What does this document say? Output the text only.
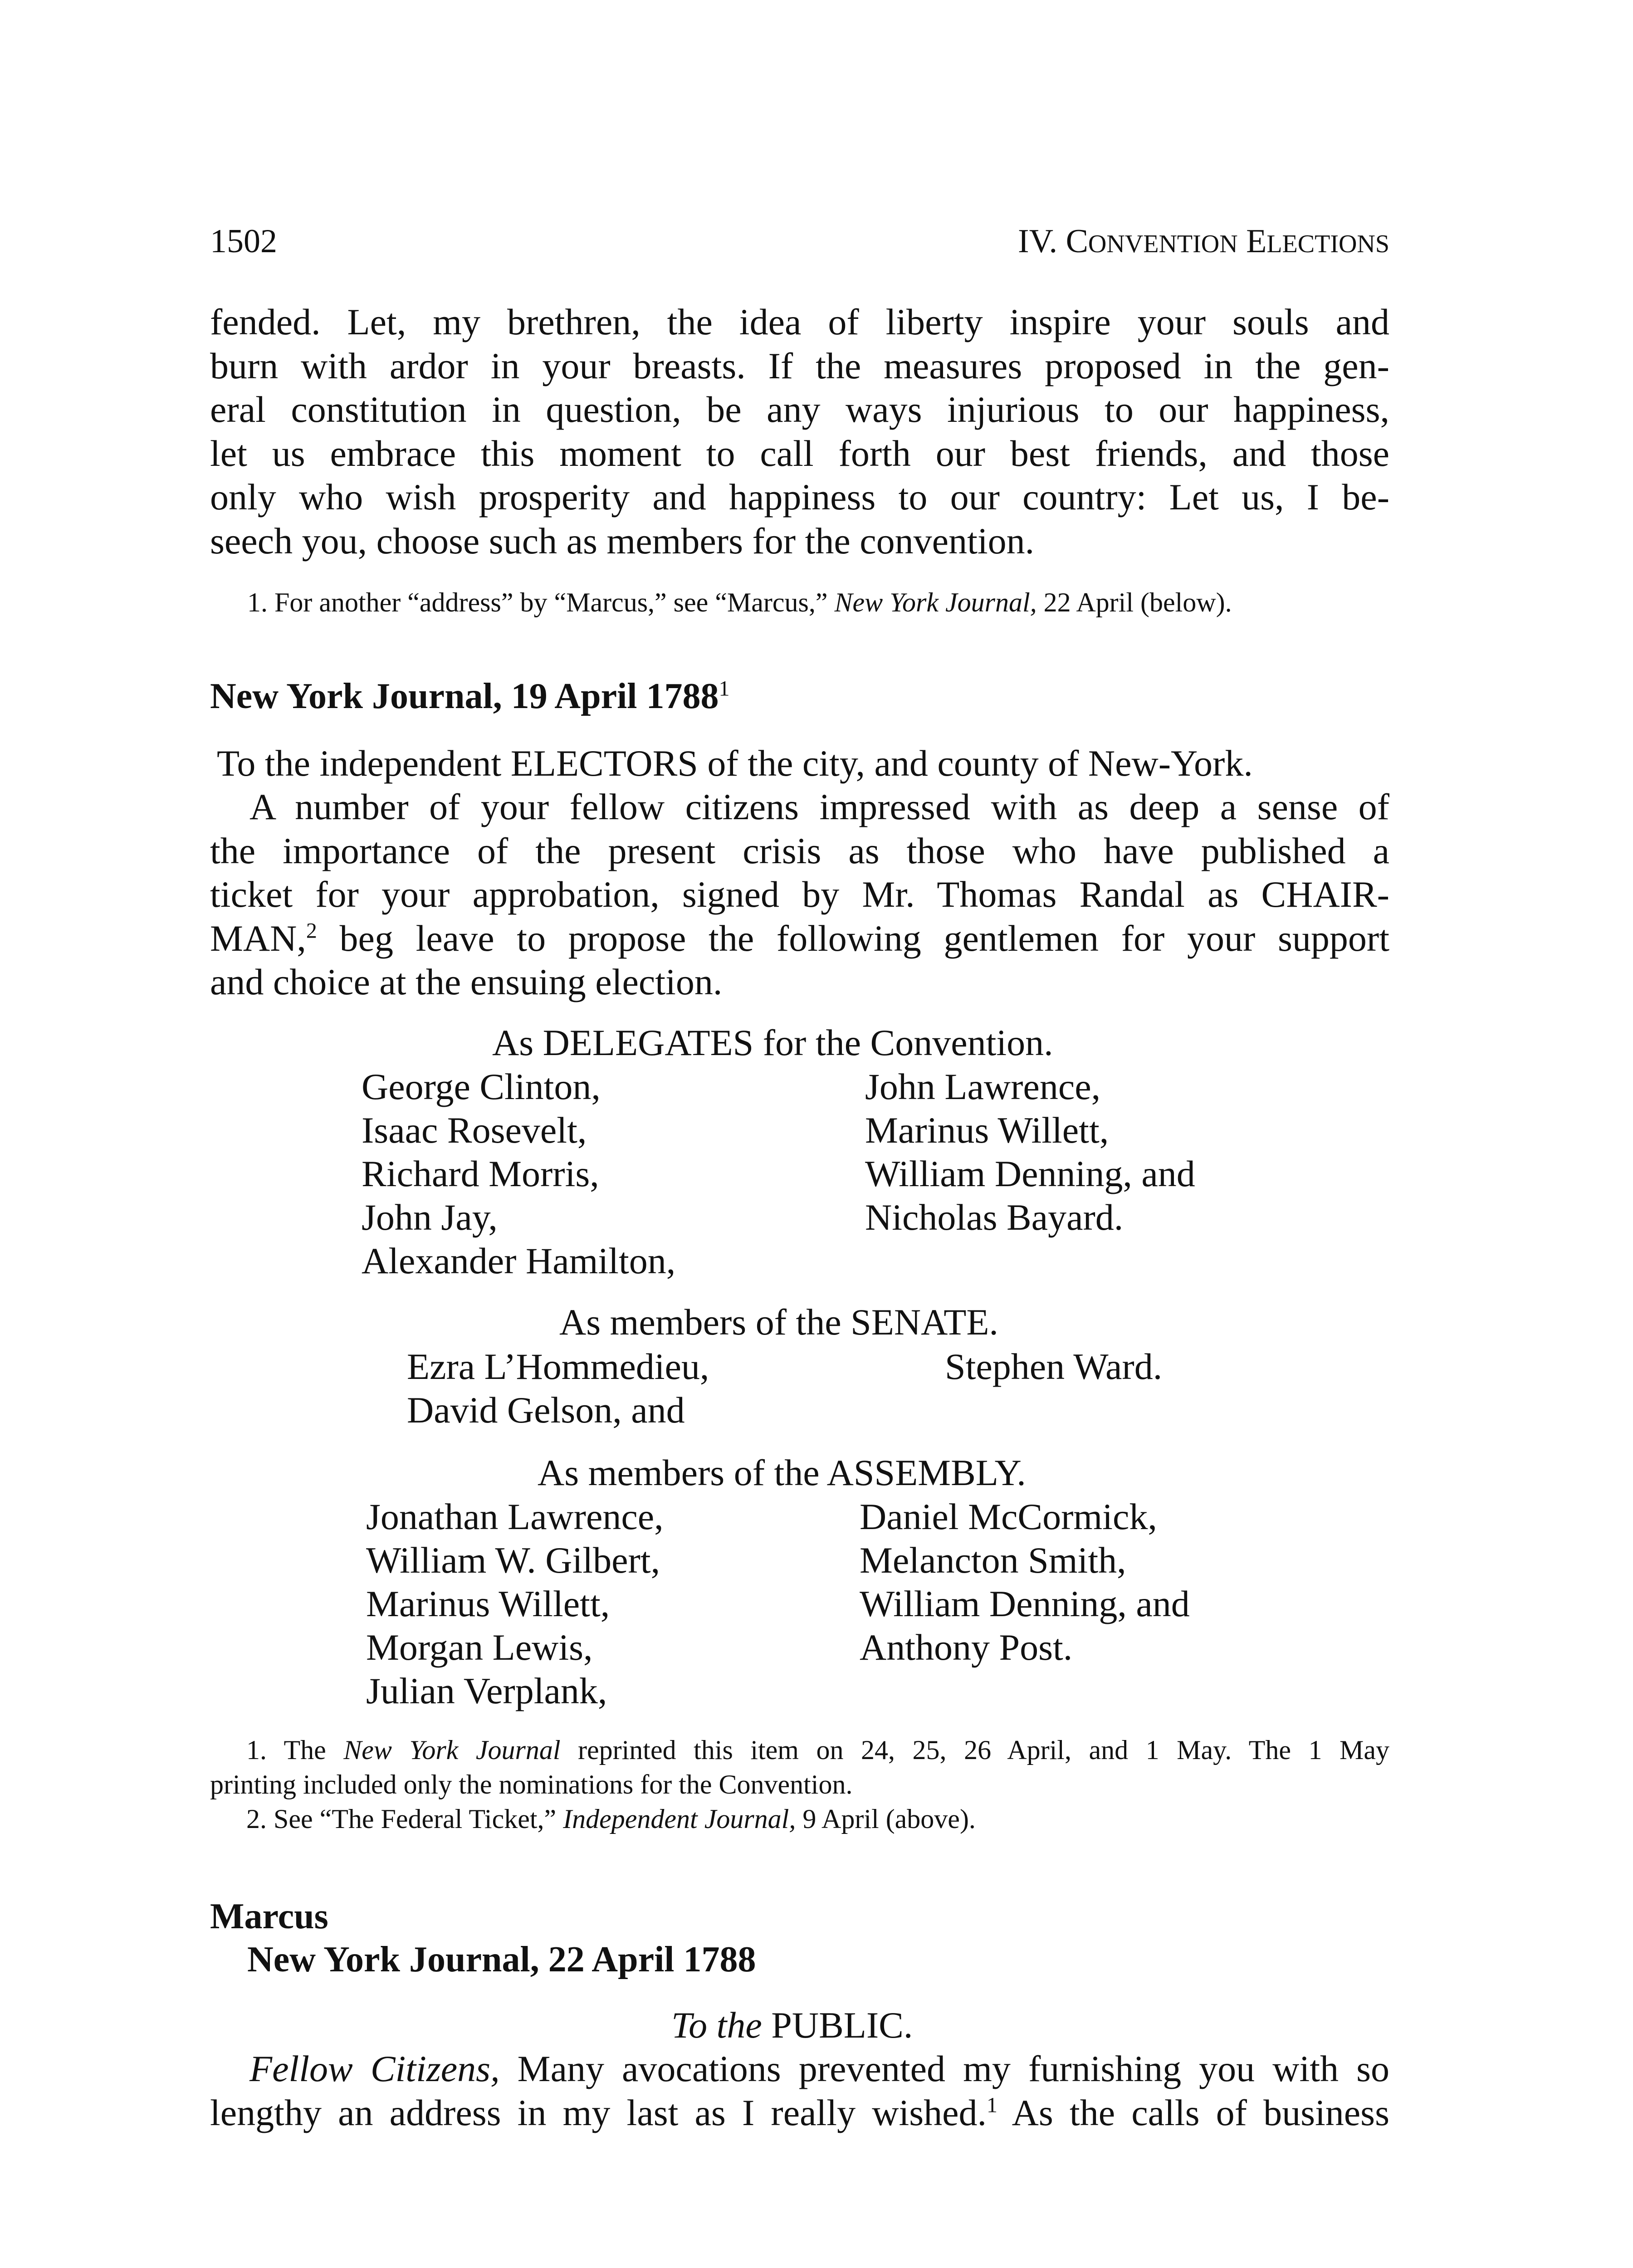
1502	IV. CONVENTION ELECTIONS
fended. Let, my brethren, the idea of liberty inspire your souls and
burn with ardor in your breasts. If the measures proposed in the gen-
eral constitution in question, be any ways injurious to our happiness,
let us embrace this moment to call forth our best friends, and those
only who wish prosperity and happiness to our country: Let us, I be-
seech you, choose such as members for the convention.
1. For another “address” by “Marcus,” see “Marcus,” New York Journal, 22 April (below).
New York Journal, 19 April 1788$^1$
To the independent ELECTORS of the city, and county of New-York.
A number of your fellow citizens impressed with as deep a sense of
the importance of the present crisis as those who have published a
ticket for your approbation, signed by Mr. Thomas Randal as CHAIR-
MAN,$^2$ beg leave to propose the following gentlemen for your support
and choice at the ensuing election.
As DELEGATES for the Convention.
George Clinton,
Isaac Rosevelt,
Richard Morris,
John Jay,
Alexander Hamilton,
John Lawrence,
Marinus Willett,
William Denning, and
Nicholas Bayard.
As members of the SENATE.
Ezra L’Hommedieu,
David Gelson, and
Stephen Ward.
As members of the ASSEMBLY.
Jonathan Lawrence,
William W. Gilbert,
Marinus Willett,
Morgan Lewis,
Julian Verplank,
Daniel McCormick,
Melancton Smith,
William Denning, and
Anthony Post.
1. The New York Journal reprinted this item on 24, 25, 26 April, and 1 May. The 1 May
printing included only the nominations for the Convention.
2. See “The Federal Ticket,” Independent Journal, 9 April (above).
Marcus
New York Journal, 22 April 1788
To the PUBLIC.
Fellow Citizens, Many avocations prevented my furnishing you with so
lengthy an address in my last as I really wished.$^1$ As the calls of business
